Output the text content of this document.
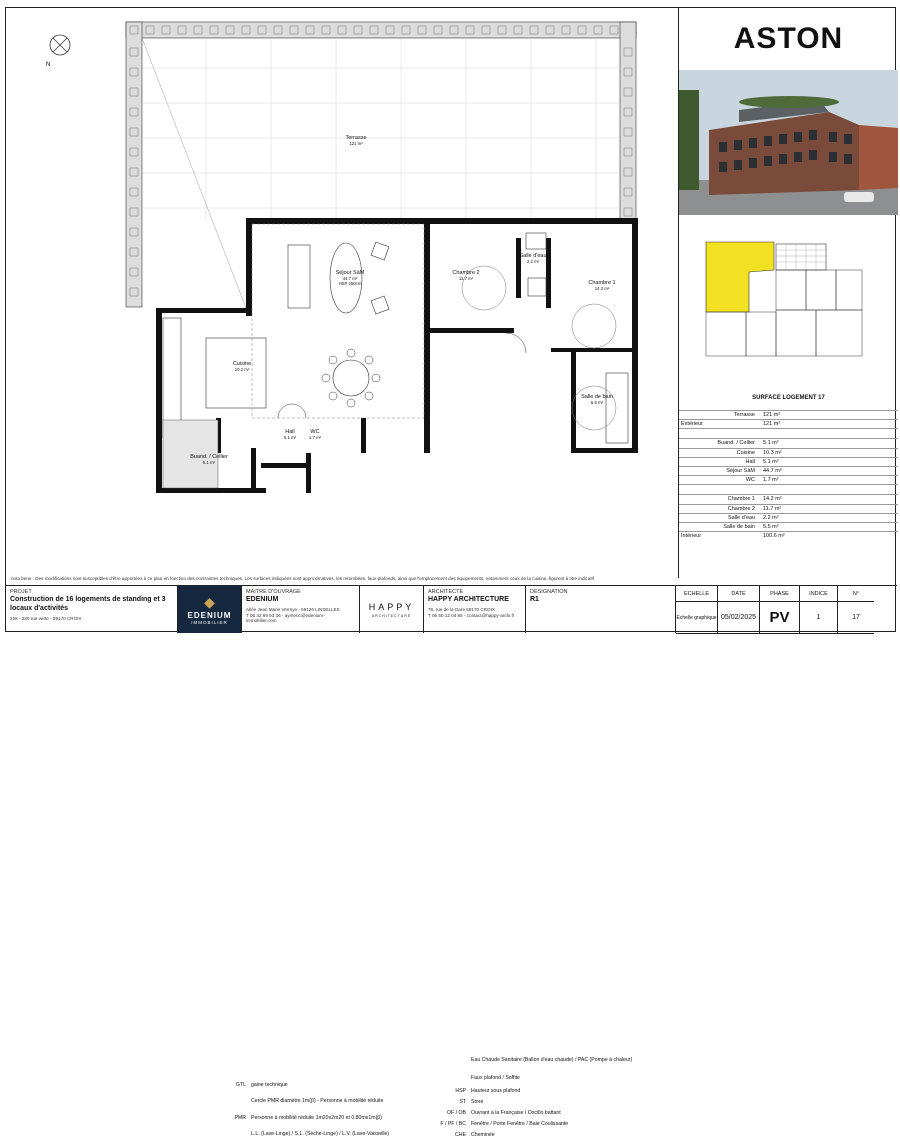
N
Terrasse
121 m²
Séjour SàM
44.7 m²
HSP 250cm
Chambre 2
11.7 m²
Salle d'eau
2.2 m²
Chambre 1
14.2 m²
Cuisine
10.2 m²
Hall
5.1 m²
WC
1.7 m²
Buand. / Cellier
5.1 m²
Salle de bain
5.5 m²
GTL gaine technique
Cercle PMR diamètre 1m(β) - Personne à mobilité réduite
PMR Personne à mobilité réduite 1m20x2m20 et 0.80mx1m(β)
L.L. (Lave-Linge) / S.L. (Sèche-Linge) / L.V. (Lave-Vaisselle)
Eau Chaude Sanitaire (Ballon d'eau chaude) / PAC (Pompe à chaleur)
Faux plafond / Soffite
HSP Hauteur sous plafond
ST Store
OF / OB Ouvrant à la Française / Oscillo battant
F / PF / BC Fenêtre / Porte Fenêtre / Baie Coulissante
CHE Cheminée
ASTON
SURFACE LOGEMENT 17
Terrasse	121 m²
Extérieur	121 m²
Buand. / Cellier	5.1 m²
Cuisine	10.3 m²
Hall	5.1 m²
Séjour SàM	44.7 m²
WC	1.7 m²
Chambre 1	14.2 m²
Chambre 2	11.7 m²
Salle d'eau	2.2 m²
Salle de bain	5.5 m²
Intérieur	100.6 m²
nota bene : Des modifications sont susceptibles d'être apportées à ce plan en fonction des contraintes techniques. Les surfaces indiquées sont approximatives, les retombées, faux-plafonds, ainsi que l'emplacement des équipements, notamment ceux de la cuisine, figurent à titre indicatif
PROJET
Construction de 16 logements de standing et 3 locaux d'activités
228 - 230 rue verte - 59170 CROIX
◆
EDENIUM
IMMOBILIER
MAITRE D'OUVRAGE
EDENIUM
Allée Jean Marie Vermye - 59126 LINSELLES
T 06 42 69 93 36 - aymeric@edenium-immobilier.com
HAPPY
ARCHITECTURE
ARCHITECTE
HAPPY ARCHITECTURE
78, rue de la Gare 59170 CROIX
T 06 50 12 04 86 - contact@happy-archi.fr
DESIGNATION
R1
ECHELLE	DATE	PHASE	INDICE	N°
Echelle graphique 05/02/2025 PV	1	17
